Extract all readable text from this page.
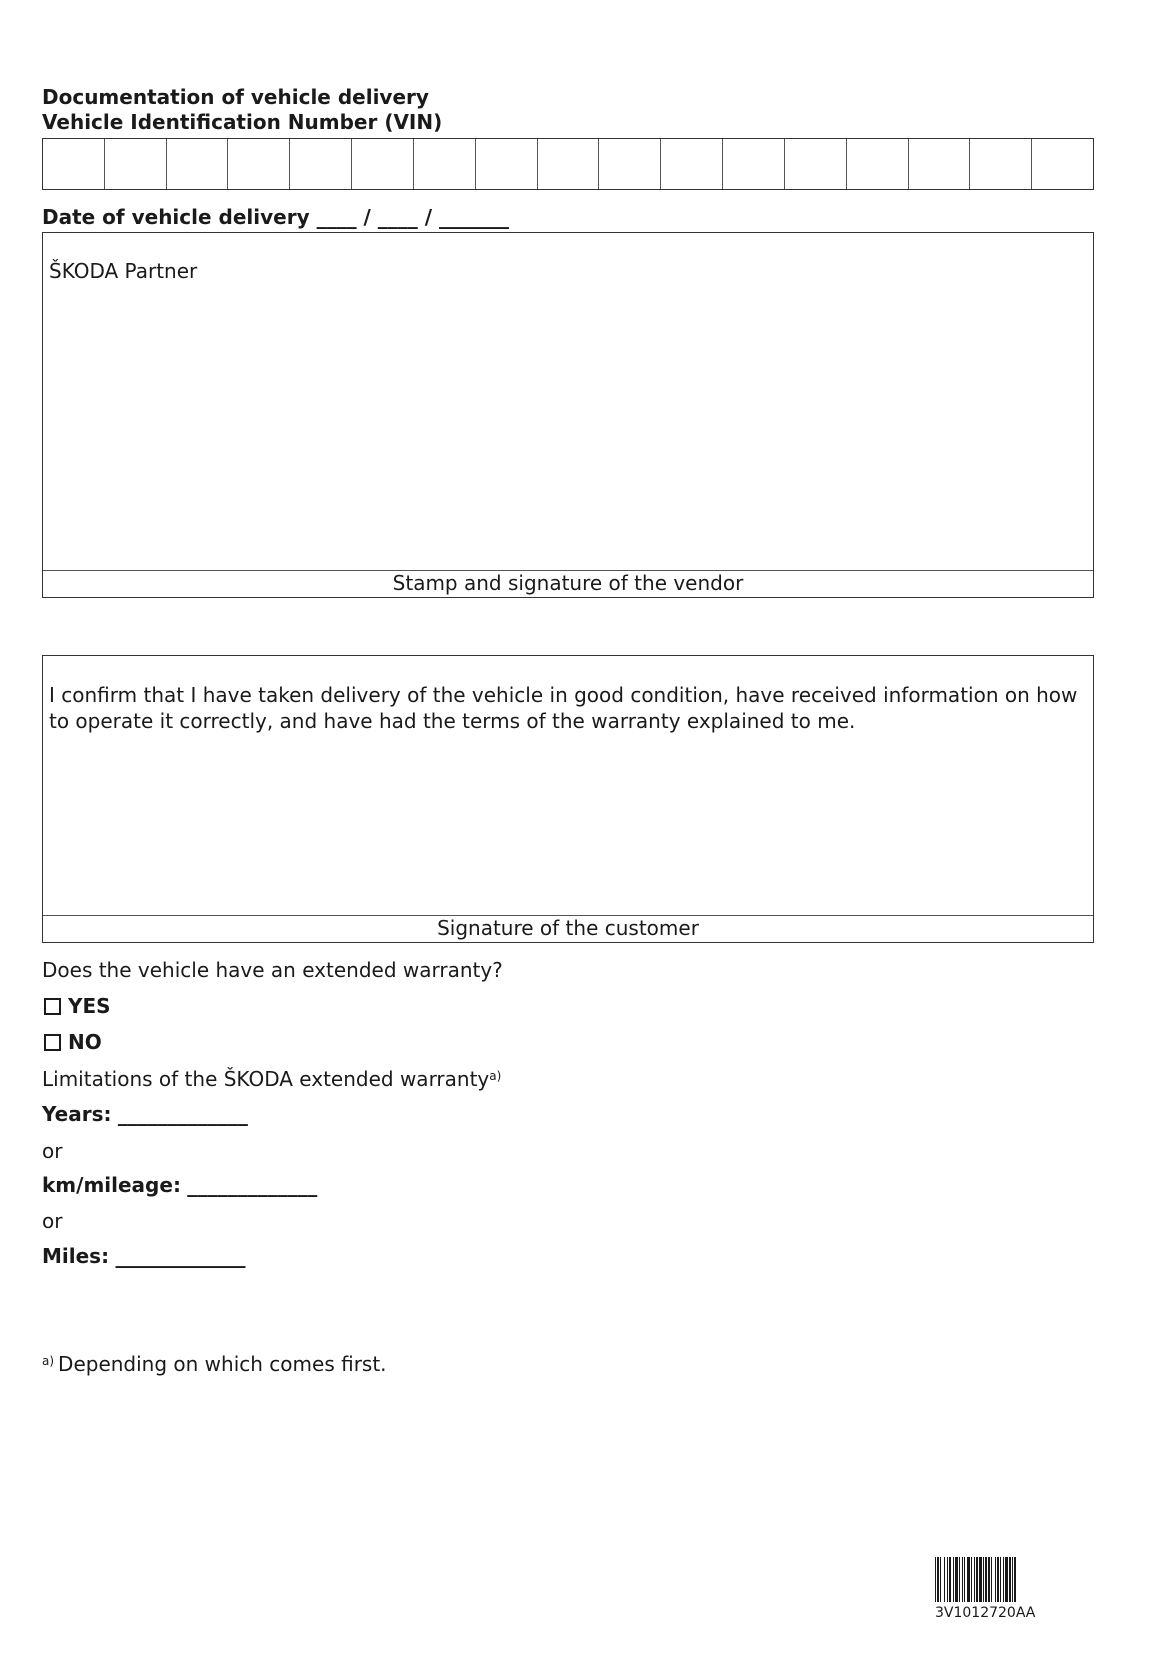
Documentation of vehicle delivery
Vehicle Identification Number (VIN)
Date of vehicle delivery ____ / ____ / _______
ŠKODA Partner
Stamp and signature of the vendor
I confirm that I have taken delivery of the vehicle in good condition, have received information on how to operate it correctly, and have had the terms of the warranty explained to me.
Signature of the customer
Does the vehicle have an extended warranty?
YES
NO
Limitations of the ŠKODA extended warranty$^{a)}$
Years: _____________
or
km/mileage: _____________
or
Miles: _____________
$^{a)}$ Depending on which comes first.
3V1012720AA
